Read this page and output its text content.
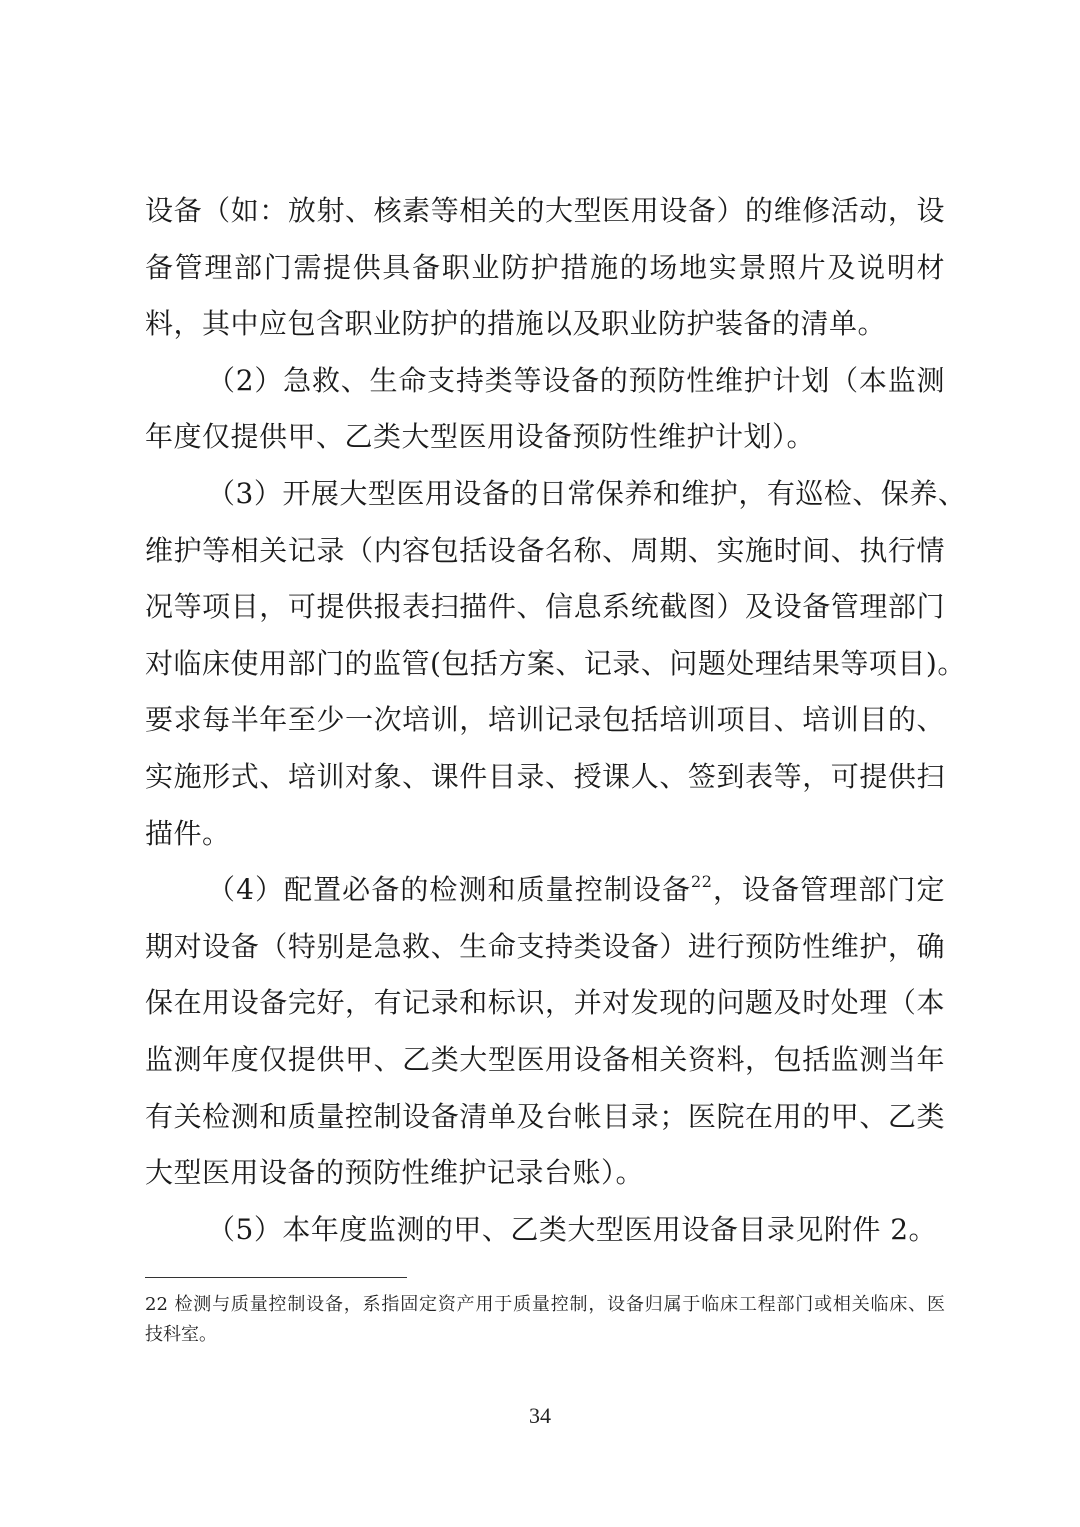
设备（如：放射、核素等相关的大型医用设备）的维修活动，设
备管理部门需提供具备职业防护措施的场地实景照片及说明材
料，其中应包含职业防护的措施以及职业防护装备的清单。
（2）急救、生命支持类等设备的预防性维护计划（本监测
年度仅提供甲、乙类大型医用设备预防性维护计划）。
（3）开展大型医用设备的日常保养和维护，有巡检、保养、
维护等相关记录（内容包括设备名称、周期、实施时间、执行情
况等项目，可提供报表扫描件、信息系统截图）及设备管理部门
对临床使用部门的监管(包括方案、记录、问题处理结果等项目)。
要求每半年至少一次培训，培训记录包括培训项目、培训目的、
实施形式、培训对象、课件目录、授课人、签到表等，可提供扫
描件。
（4）配置必备的检测和质量控制设备$^{22}$，设备管理部门定
期对设备（特别是急救、生命支持类设备）进行预防性维护，确
保在用设备完好，有记录和标识，并对发现的问题及时处理（本
监测年度仅提供甲、乙类大型医用设备相关资料，包括监测当年
有关检测和质量控制设备清单及台帐目录；医院在用的甲、乙类
大型医用设备的预防性维护记录台账）。
（5）本年度监测的甲、乙类大型医用设备目录见附件 2。
22 检测与质量控制设备，系指固定资产用于质量控制，设备归属于临床工程部门或相关临床、医
技科室。
34
